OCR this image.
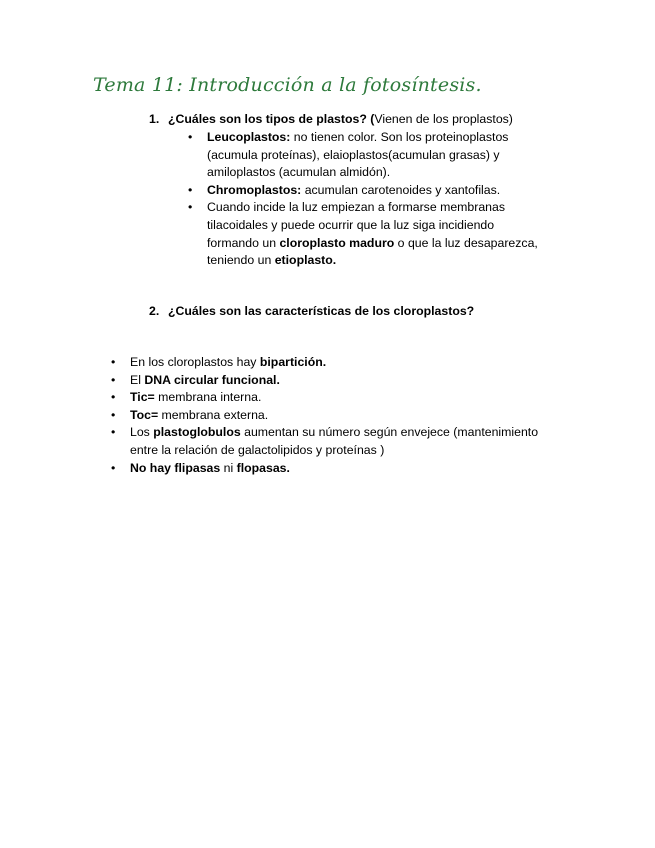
Tema 11: Introducción a la fotosíntesis.
1. ¿Cuáles son los tipos de plastos? (Vienen de los proplastos)
• Leucoplastos: no tienen color. Son los proteinoplastos
(acumula proteínas), elaioplastos(acumulan grasas) y
amiloplastos (acumulan almidón).
• Chromoplastos: acumulan carotenoides y xantofilas.
• Cuando incide la luz empiezan a formarse membranas
tilacoidales y puede ocurrir que la luz siga incidiendo
formando un cloroplasto maduro o que la luz desaparezca,
teniendo un etioplasto.
2. ¿Cuáles son las características de los cloroplastos?
• En los cloroplastos hay bipartición.
• El DNA circular funcional.
• Tic= membrana interna.
• Toc= membrana externa.
• Los plastoglobulos aumentan su número según envejece (mantenimiento
entre la relación de galactolipidos y proteínas )
• No hay flipasas ni flopasas.
